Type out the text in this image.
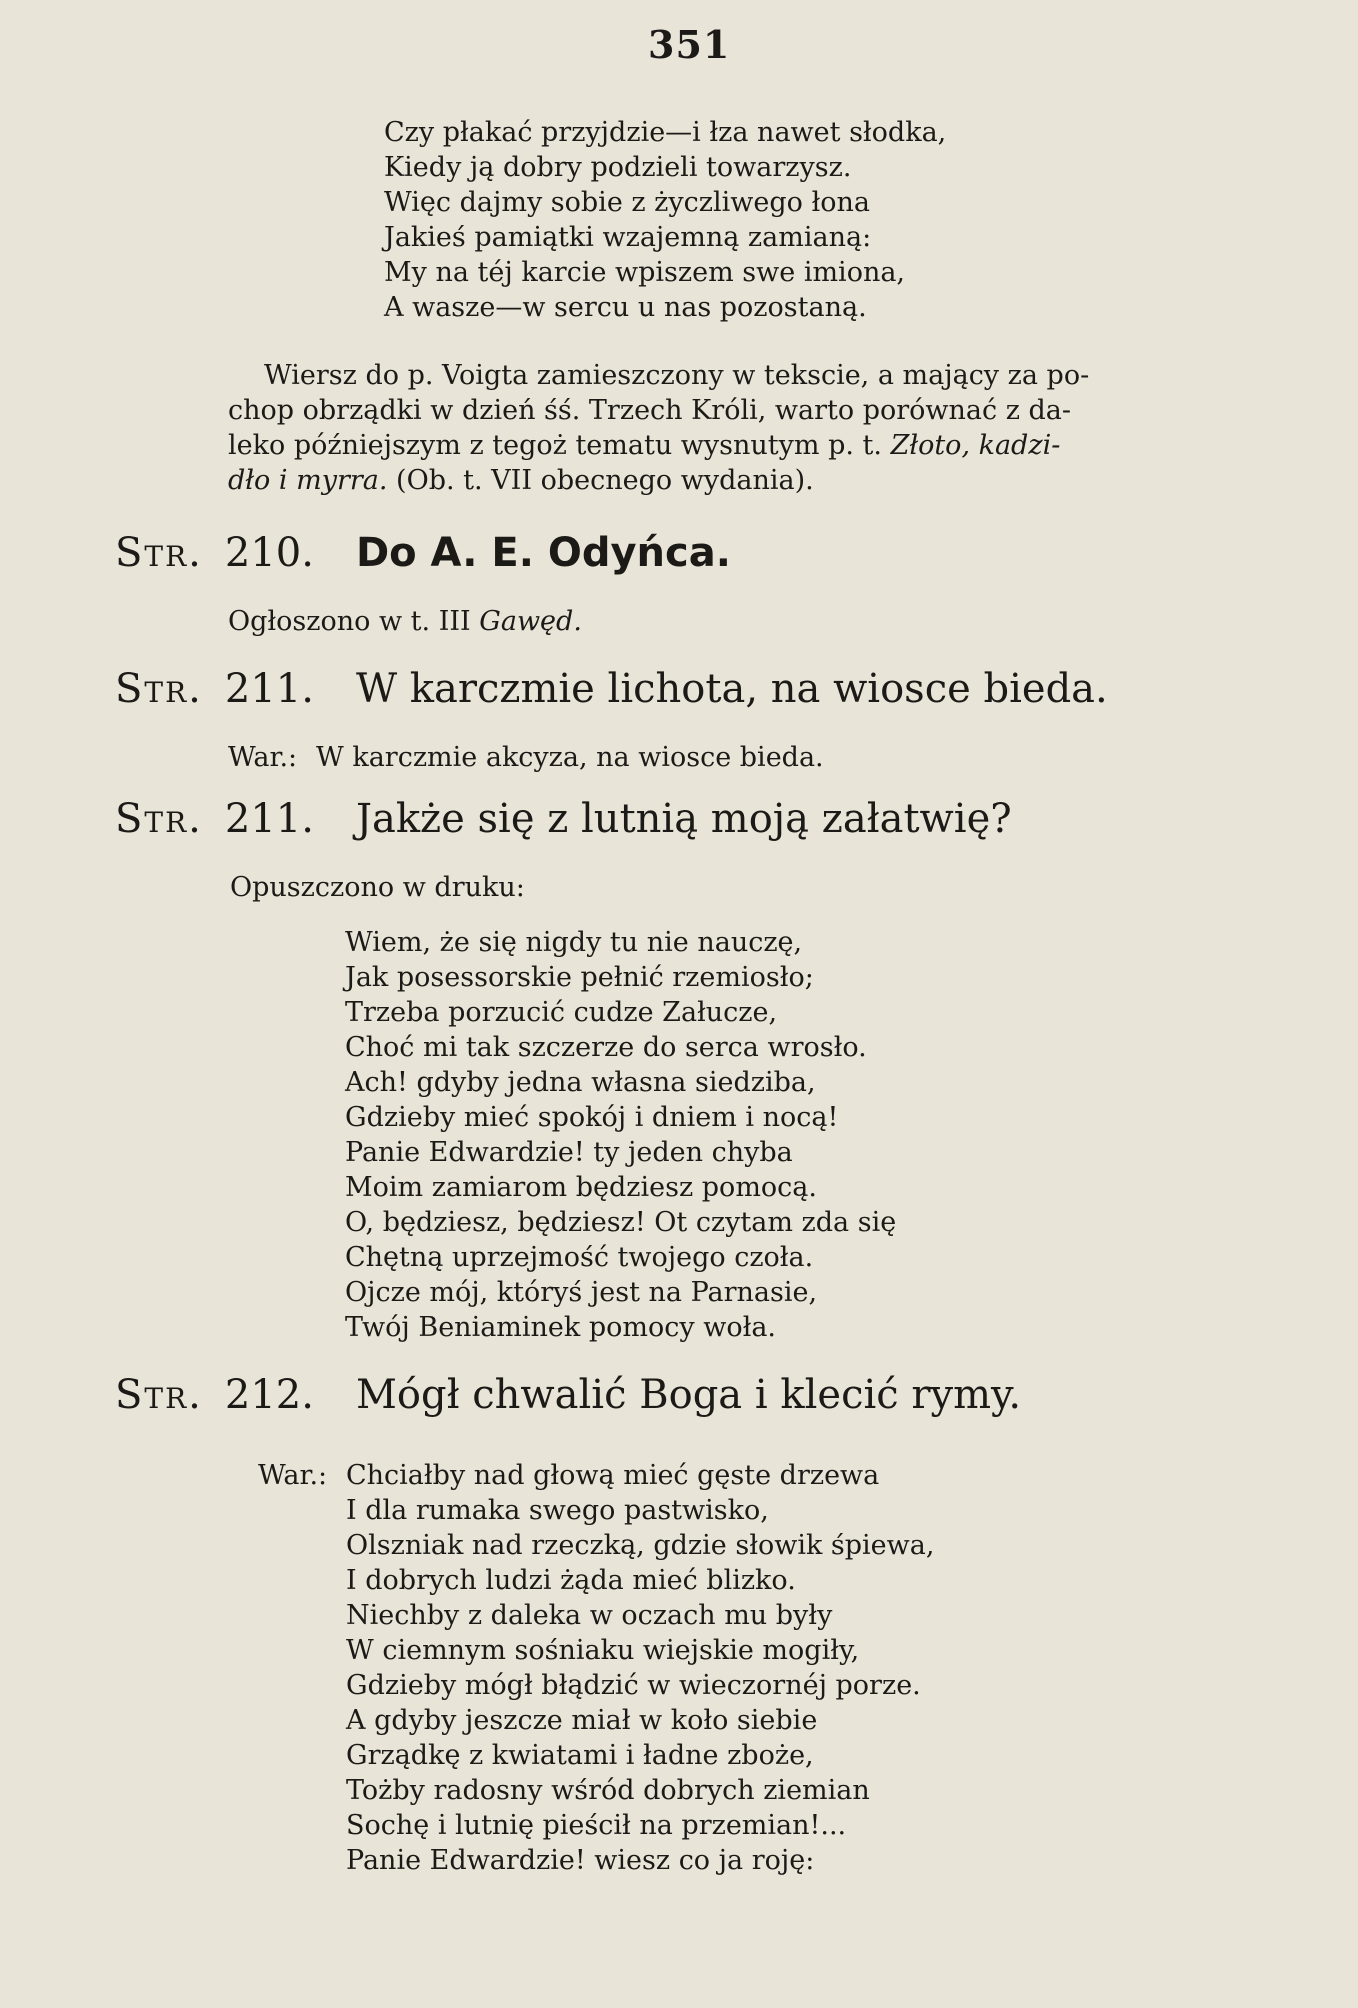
351
Czy płakać przyjdzie—i łza nawet słodka,
Kiedy ją dobry podzieli towarzysz.
Więc dajmy sobie z życzliwego łona
Jakieś pamiątki wzajemną zamianą:
My na téj karcie wpiszem swe imiona,
A wasze—w sercu u nas pozostaną.
Wiersz do p. Voigta zamieszczony w tekscie, a mający za po-
chop obrządki w dzień śś. Trzech Króli, warto porównać z da-
leko późniejszym z tegoż tematu wysnutym p. t. Złoto, kadzi-
dło i myrra. (Ob. t. VII obecnego wydania).
Str. 210. Do A. E. Odyńca.
Ogłoszono w t. III Gawęd.
Str. 211. W karczmie lichota, na wiosce bieda.
War.: W karczmie akcyza, na wiosce bieda.
Str. 211. Jakże się z lutnią moją załatwię?
Opuszczono w druku:
Wiem, że się nigdy tu nie nauczę,
Jak posessorskie pełnić rzemiosło;
Trzeba porzucić cudze Załucze,
Choć mi tak szczerze do serca wrosło.
Ach! gdyby jedna własna siedziba,
Gdzieby mieć spokój i dniem i nocą!
Panie Edwardzie! ty jeden chyba
Moim zamiarom będziesz pomocą.
O, będziesz, będziesz! Ot czytam zda się
Chętną uprzejmość twojego czoła.
Ojcze mój, któryś jest na Parnasie,
Twój Beniaminek pomocy woła.
Str. 212. Mógł chwalić Boga i klecić rymy.
War.: Chciałby nad głową mieć gęste drzewa
I dla rumaka swego pastwisko,
Olszniak nad rzeczką, gdzie słowik śpiewa,
I dobrych ludzi żąda mieć blizko.
Niechby z daleka w oczach mu były
W ciemnym sośniaku wiejskie mogiły,
Gdzieby mógł błądzić w wieczornéj porze.
A gdyby jeszcze miał w koło siebie
Grządkę z kwiatami i ładne zboże,
Tożby radosny wśród dobrych ziemian
Sochę i lutnię pieścił na przemian!...
Panie Edwardzie! wiesz co ja roję:
